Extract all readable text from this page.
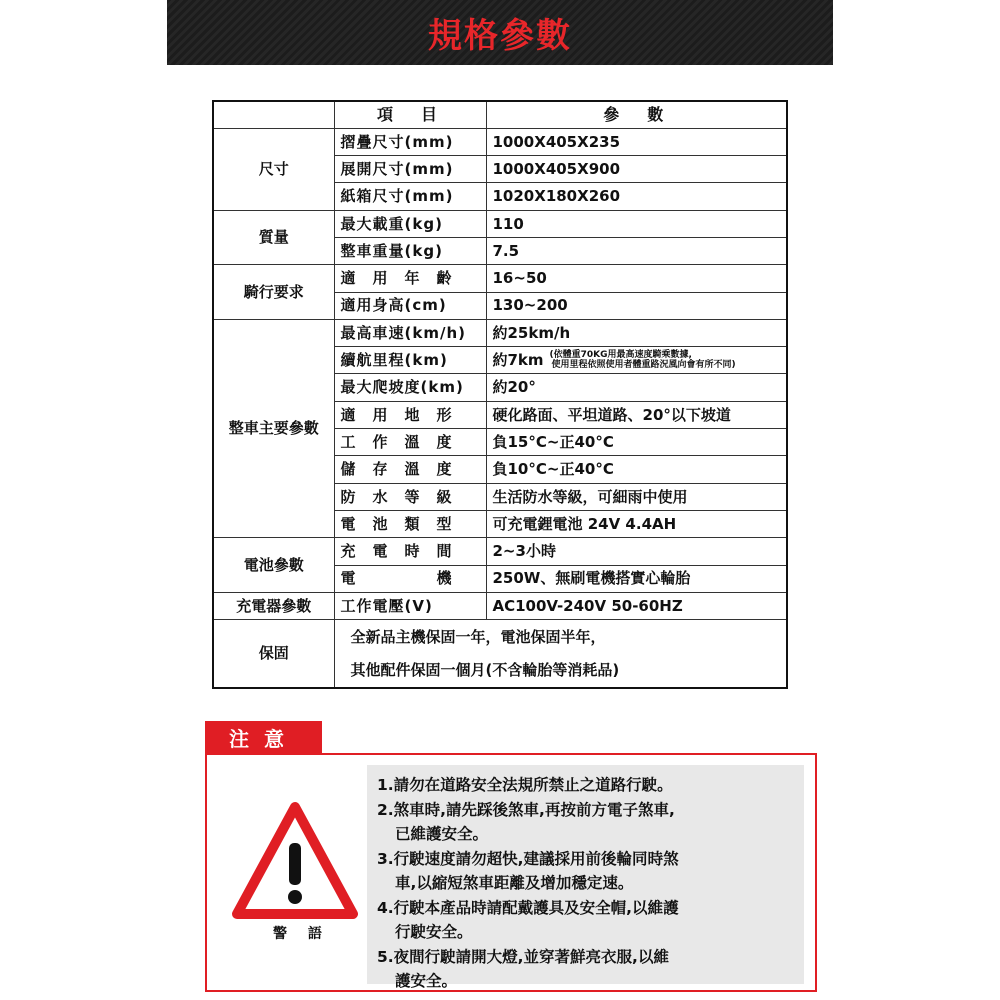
規格參數
	項　目	參　數
尺寸	摺疊尺寸(mm)	1000X405X235
	展開尺寸(mm)	1000X405X900
	紙箱尺寸(mm)	1020X180X260
質量	最大載重(kg)	110
	整車重量(kg)	7.5
騎行要求	適　用　年　齡	16~50
	適用身高(cm)	130~200
整車主要參數	最高車速(km/h)	約25km/h
	續航里程(km)	約7km (依體重70KG用最高速度騎乘數據,
使用里程依照使用者體重路況風向會有所不同)

	最大爬坡度(km)	約20°
	適　用　地　形	硬化路面、平坦道路、20°以下坡道
	工　作　溫　度	負15°C~正40°C
	儲　存　溫　度	負10°C~正40°C
	防　水　等　級	生活防水等級，可細雨中使用
	電　池　類　型	可充電鋰電池 24V 4.4AH
電池參數	充　電　時　間	2~3小時
	電　　　　　機	250W、無刷電機搭實心輪胎
充電器參數	工作電壓(V)	AC100V-240V 50-60HZ
保固	全新品主機保固一年，電池保固半年，	
	其他配件保固一個月(不含輪胎等消耗品)	
注 意
警 語

1.請勿在道路安全法規所禁止之道路行駛。

2.煞車時,請先踩後煞車,再按前方電子煞車,

已維護安全。

3.行駛速度請勿超快,建議採用前後輪同時煞

車,以縮短煞車距離及增加穩定速。

4.行駛本產品時請配戴護具及安全帽,以維護

行駛安全。

5.夜間行駛請開大燈,並穿著鮮亮衣服,以維

護安全。
